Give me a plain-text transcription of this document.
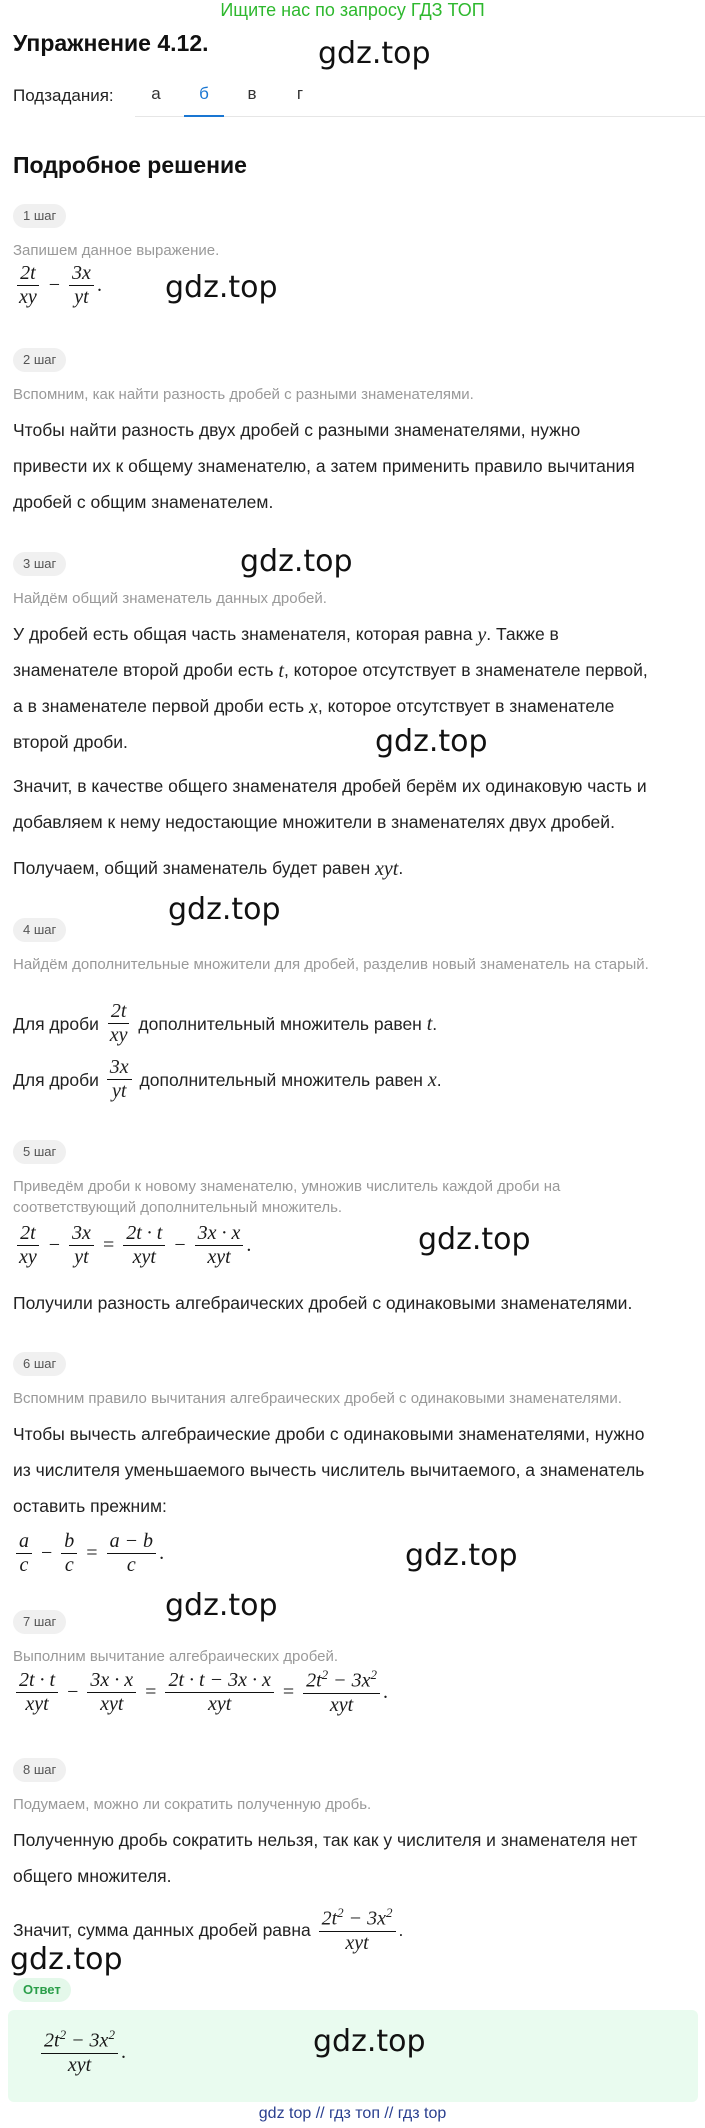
Ищите нас по запросу ГДЗ ТОП
Упражнение 4.12.	gdz.top
Подзадания:	а	б	в	г
Подробное решение
1 шаг
Запишем данное выражение.
$\frac{2t}{xy} - \frac{3x}{yt}$ . gdz.top
2 шаг
Вспомним, как найти разность дробей с разными знаменателями.
Чтобы найти разность двух дробей с разными знаменателями, нужно
привести их к общему знаменателю, а затем применить правило вычитания
дробей с общим знаменателем.
gdz.top
3 шаг
Найдём общий знаменатель данных дробей.
У дробей есть общая часть знаменателя, которая равна y. Также в
знаменателе второй дроби есть t, которое отсутствует в знаменателе первой,
а в знаменателе первой дроби есть x, которое отсутствует в знаменателе
второй дроби.	gdz.top
Значит, в качестве общего знаменателя дробей берём их одинаковую часть и
добавляем к нему недостающие множители в знаменателях двух дробей.
Получаем, общий знаменатель будет равен xyt.
gdz.top
4 шаг
Найдём дополнительные множители для дробей, разделив новый знаменатель на старый.
Для дроби
$\frac{2t}{xy}$
дополнительный множитель равен
t .
Для дроби
$\frac{3x}{yt}$
дополнительный множитель равен
x .
5 шаг
Приведём дроби к новому знаменателю, умножив числитель каждой дроби на соответствующий дополнительный множитель.
$\frac{2t}{xy} - \frac{3x}{yt} = \frac{2t \cdot t}{\text{xyt}} - \frac{3x \cdot x}{\text{xyt}}$ .	gdz.top
Получили разность алгебраических дробей с одинаковыми знаменателями.
6 шаг
Вспомним правило вычитания алгебраических дробей с одинаковыми знаменателями.
Чтобы вычесть алгебраические дроби с одинаковыми знаменателями, нужно
из числителя уменьшаемого вычесть числитель вычитаемого, а знаменатель
оставить прежним:
$\frac{a}{c} - \frac{b}{c} = \frac{a - b}{c}$ .	gdz.top
gdz.top
7 шаг
Выполним вычитание алгебраических дробей.
$\frac{2t \cdot t}{\text{xyt}} - \frac{3x \cdot x}{\text{xyt}} = \frac{2t \cdot t - 3x \cdot x}{\text{xyt}} = \frac{2t^2 - 3x^2}{\text{xyt}}$ .
8 шаг
Подумаем, можно ли сократить полученную дробь.
Полученную дробь сократить нельзя, так как у числителя и знаменателя нет
общего множителя.
Значит, сумма данных дробей равна
$\frac{2t^2 - 3x^2}{\text{xyt}}$ .
gdz.top
Ответ
$\frac{2t^2 - 3x^2}{\text{xyt}}$ .	gdz.top
gdz top // гдз топ // гдз top
